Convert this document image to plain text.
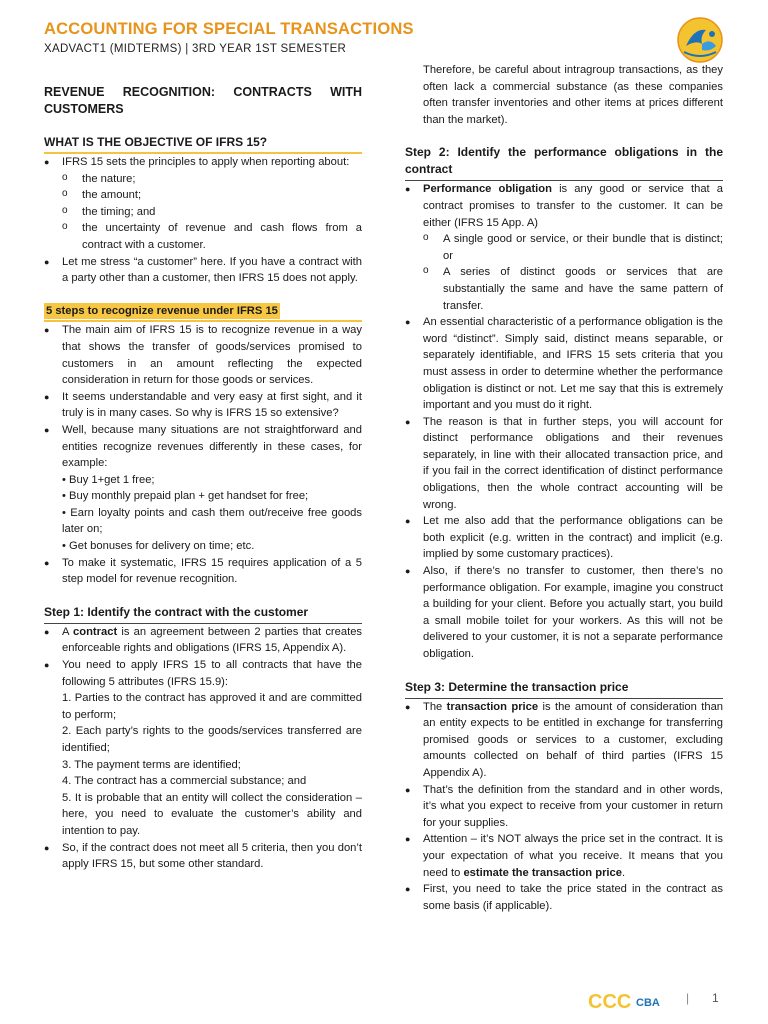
ACCOUNTING FOR SPECIAL TRANSACTIONS
XADVACT1 (MIDTERMS) | 3RD YEAR 1ST SEMESTER
REVENUE RECOGNITION: CONTRACTS WITH CUSTOMERS
WHAT IS THE OBJECTIVE OF IFRS 15?
● IFRS 15 sets the principles to apply when reporting about:
o the nature;
o the amount;
o the timing; and
o the uncertainty of revenue and cash flows from a contract with a customer.
● Let me stress “a customer” here. If you have a contract with a party other than a customer, then IFRS 15 does not apply.
5 steps to recognize revenue under IFRS 15
● The main aim of IFRS 15 is to recognize revenue in a way that shows the transfer of goods/services promised to customers in an amount reflecting the expected consideration in return for those goods or services.
● It seems understandable and very easy at first sight, and it truly is in many cases. So why is IFRS 15 so extensive?
● Well, because many situations are not straightforward and entities recognize revenues differently in these cases, for example:
• Buy 1+get 1 free;
• Buy monthly prepaid plan + get handset for free;
• Earn loyalty points and cash them out/receive free goods later on;
• Get bonuses for delivery on time; etc.
● To make it systematic, IFRS 15 requires application of a 5 step model for revenue recognition.
Step 1: Identify the contract with the customer
● A contract is an agreement between 2 parties that creates enforceable rights and obligations (IFRS 15, Appendix A).
● You need to apply IFRS 15 to all contracts that have the following 5 attributes (IFRS 15.9):
1. Parties to the contract has approved it and are committed to perform;
2. Each party’s rights to the goods/services transferred are identified;
3. The payment terms are identified;
4. The contract has a commercial substance; and
5. It is probable that an entity will collect the consideration – here, you need to evaluate the customer’s ability and intention to pay.
● So, if the contract does not meet all 5 criteria, then you don’t apply IFRS 15, but some other standard.
Therefore, be careful about intragroup transactions, as they often lack a commercial substance (as these companies often transfer inventories and other items at prices different than the market).
Step 2: Identify the performance obligations in the contract
● Performance obligation is any good or service that a contract promises to transfer to the customer. It can be either (IFRS 15 App. A)
o A single good or service, or their bundle that is distinct; or
o A series of distinct goods or services that are substantially the same and have the same pattern of transfer.
● An essential characteristic of a performance obligation is the word “distinct”. Simply said, distinct means separable, or separately identifiable, and IFRS 15 sets criteria that you must assess in order to determine whether the performance obligation is distinct or not. Let me say that this is extremely important and you must do it right.
● The reason is that in further steps, you will account for distinct performance obligations and their revenues separately, in line with their allocated transaction price, and if you fail in the correct identification of distinct performance obligations, then the whole contract accounting will be wrong.
● Let me also add that the performance obligations can be both explicit (e.g. written in the contract) and implicit (e.g. implied by some customary practices).
● Also, if there’s no transfer to customer, then there’s no performance obligation. For example, imagine you construct a building for your client. Before you actually start, you build a small mobile toilet for your workers. As this will not be delivered to your customer, it is not a separate performance obligation.
Step 3: Determine the transaction price
● The transaction price is the amount of consideration than an entity expects to be entitled in exchange for transferring promised goods or services to a customer, excluding amounts collected on behalf of third parties (IFRS 15 Appendix A).
● That’s the definition from the standard and in other words, it’s what you expect to receive from your customer in return for your supplies.
● Attention – it’s NOT always the price set in the contract. It is your expectation of what you receive. It means that you need to estimate the transaction price.
● First, you need to take the price stated in the contract as some basis (if applicable).
CCC CBA | 1
